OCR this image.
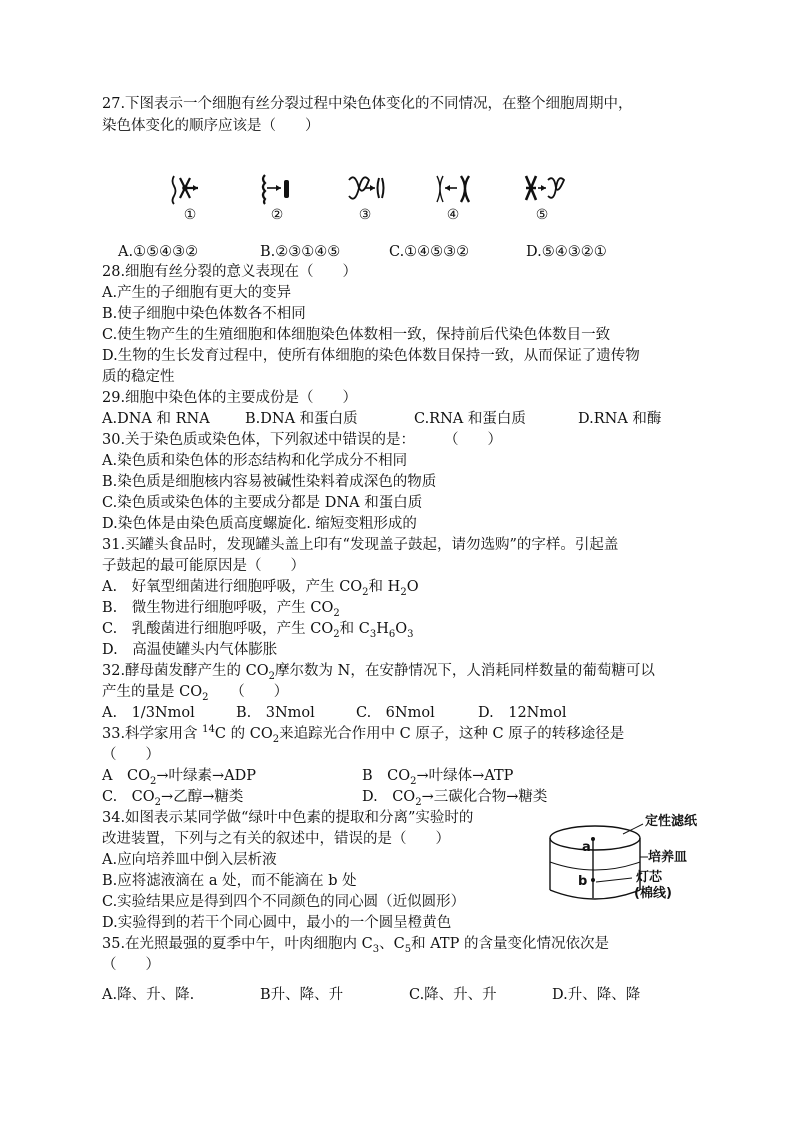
27.下图表示一个细胞有丝分裂过程中染色体变化的不同情况，在整个细胞周期中，
染色体变化的顺序应该是（　　）
①	②	③	④	⑤
A.①⑤④③②	B.②③①④⑤	C.①④⑤③②	D.⑤④③②①
28.细胞有丝分裂的意义表现在（　　）
A.产生的子细胞有更大的变异
B.使子细胞中染色体数各不相同
C.使生物产生的生殖细胞和体细胞染色体数相一致，保持前后代染色体数目一致
D.生物的生长发育过程中，使所有体细胞的染色体数目保持一致，从而保证了遗传物
质的稳定性
29.细胞中染色体的主要成份是（　　）
A.DNA 和 RNA B.DNA 和蛋白质	C.RNA 和蛋白质	D.RNA 和酶
30.关于染色质或染色体，下列叙述中错误的是：　　　（　　）
A.染色质和染色体的形态结构和化学成分不相同
B.染色质是细胞核内容易被碱性染料着成深色的物质
C.染色质或染色体的主要成分都是 DNA 和蛋白质
D.染色体是由染色质高度螺旋化. 缩短变粗形成的
31.买罐头食品时，发现罐头盖上印有“发现盖子鼓起，请勿选购”的字样。引起盖
子鼓起的最可能原因是（　　）
A.　好氧型细菌进行细胞呼吸，产生 $CO_2$和 $H_2O$
B.　微生物进行细胞呼吸，产生 $CO_2$
C.　乳酸菌进行细胞呼吸，产生 $CO_2$和 $C_3H_6O_3$
D.　高温使罐头内气体膨胀
32.酵母菌发酵产生的 $CO_2$摩尔数为 N，在安静情况下，人消耗同样数量的葡萄糖可以
产生的量是 $CO_2$　　（　　）
A.　1/3Nmol	B.　3Nmol	C.　6Nmol	D.　12Nmol
33.科学家用含 $^{14}$C 的 $CO_2$来追踪光合作用中 C 原子，这种 C 原子的转移途径是
（　　）
A　$CO_2\to$叶绿素→ADP	B　$CO_2\to$叶绿体→ATP
C.　$CO_2\to$乙醇→糖类	D.　$CO_2\to$三碳化合物→糖类
34.如图表示某同学做“绿叶中色素的提取和分离”实验时的
改进装置，下列与之有关的叙述中，错误的是（　　）
A.应向培养皿中倒入层析液
B.应将滤液滴在 a 处，而不能滴在 b 处
C.实验结果应是得到四个不同颜色的同心圆（近似圆形）
D.实验得到的若干个同心圆中，最小的一个圆呈橙黄色
定性滤纸
a
培养皿
b	灯芯
(棉线)
35.在光照最强的夏季中午，叶肉细胞内 $C_3$、$C_5$和 ATP 的含量变化情况依次是
（　　）
A.降、升、降.	B升、降、升	C.降、升、升	D.升、降、降
